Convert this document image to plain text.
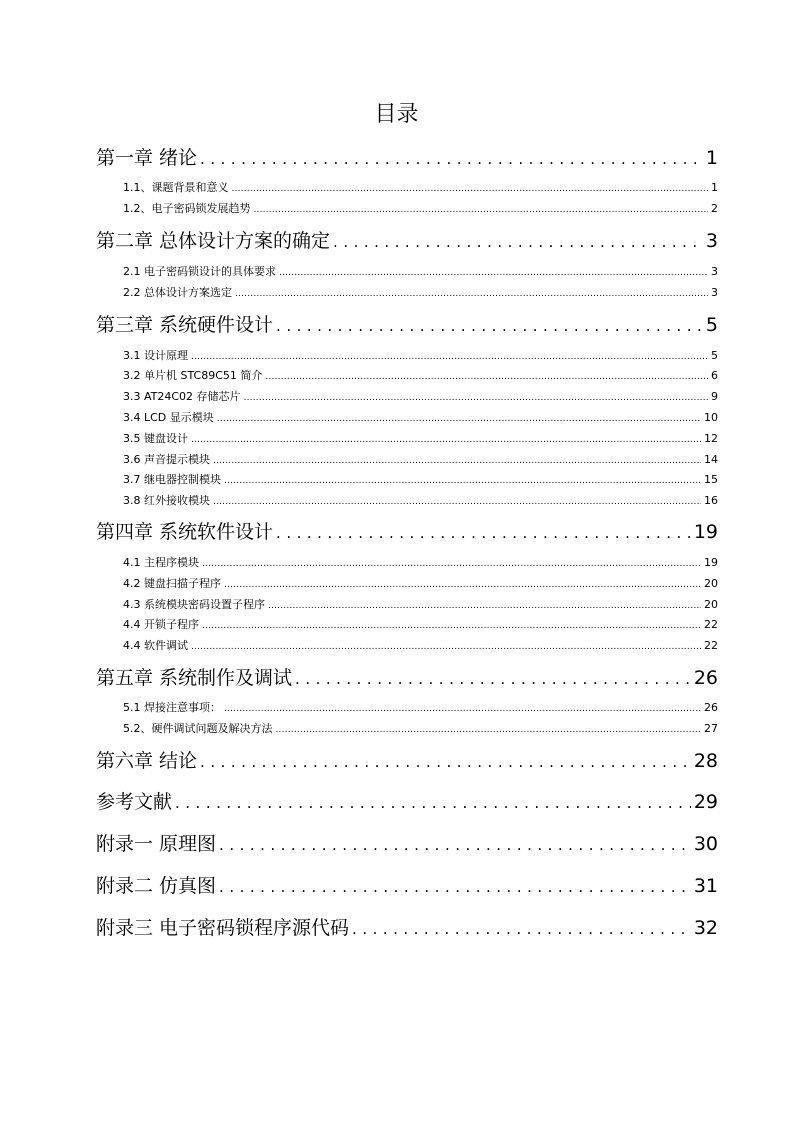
目录
第一章 绪论 .....	1
1.1、课题背景和意义 .....	1
1.2、电子密码锁发展趋势 .....	2
第二章 总体设计方案的确定 .....	3
2.1 电子密码锁设计的具体要求 .....	3
2.2 总体设计方案选定 .....	3
第三章 系统硬件设计 .....	5
3.1 设计原理 .....	5
3.2 单片机 STC89C51 简介 .....	6
3.3 AT24C02 存储芯片 .....	9
3.4 LCD 显示模块 .....	10
3.5 键盘设计 .....	12
3.6 声音提示模块 .....	14
3.7 继电器控制模块 .....	15
3.8 红外接收模块 .....	16
第四章 系统软件设计 .....	19
4.1 主程序模块 .....	19
4.2 键盘扫描子程序 .....	20
4.3 系统模块密码设置子程序 .....	20
4.4 开锁子程序 .....	22
4.4 软件调试 .....	22
第五章 系统制作及调试 .....	26
5.1 焊接注意事项： .....	26
5.2、硬件调试问题及解决方法 .....	27
第六章 结论 .....	28
参考文献 .....	29
附录一 原理图 .....	30
附录二 仿真图 .....	31
附录三 电子密码锁程序源代码 .....	32
